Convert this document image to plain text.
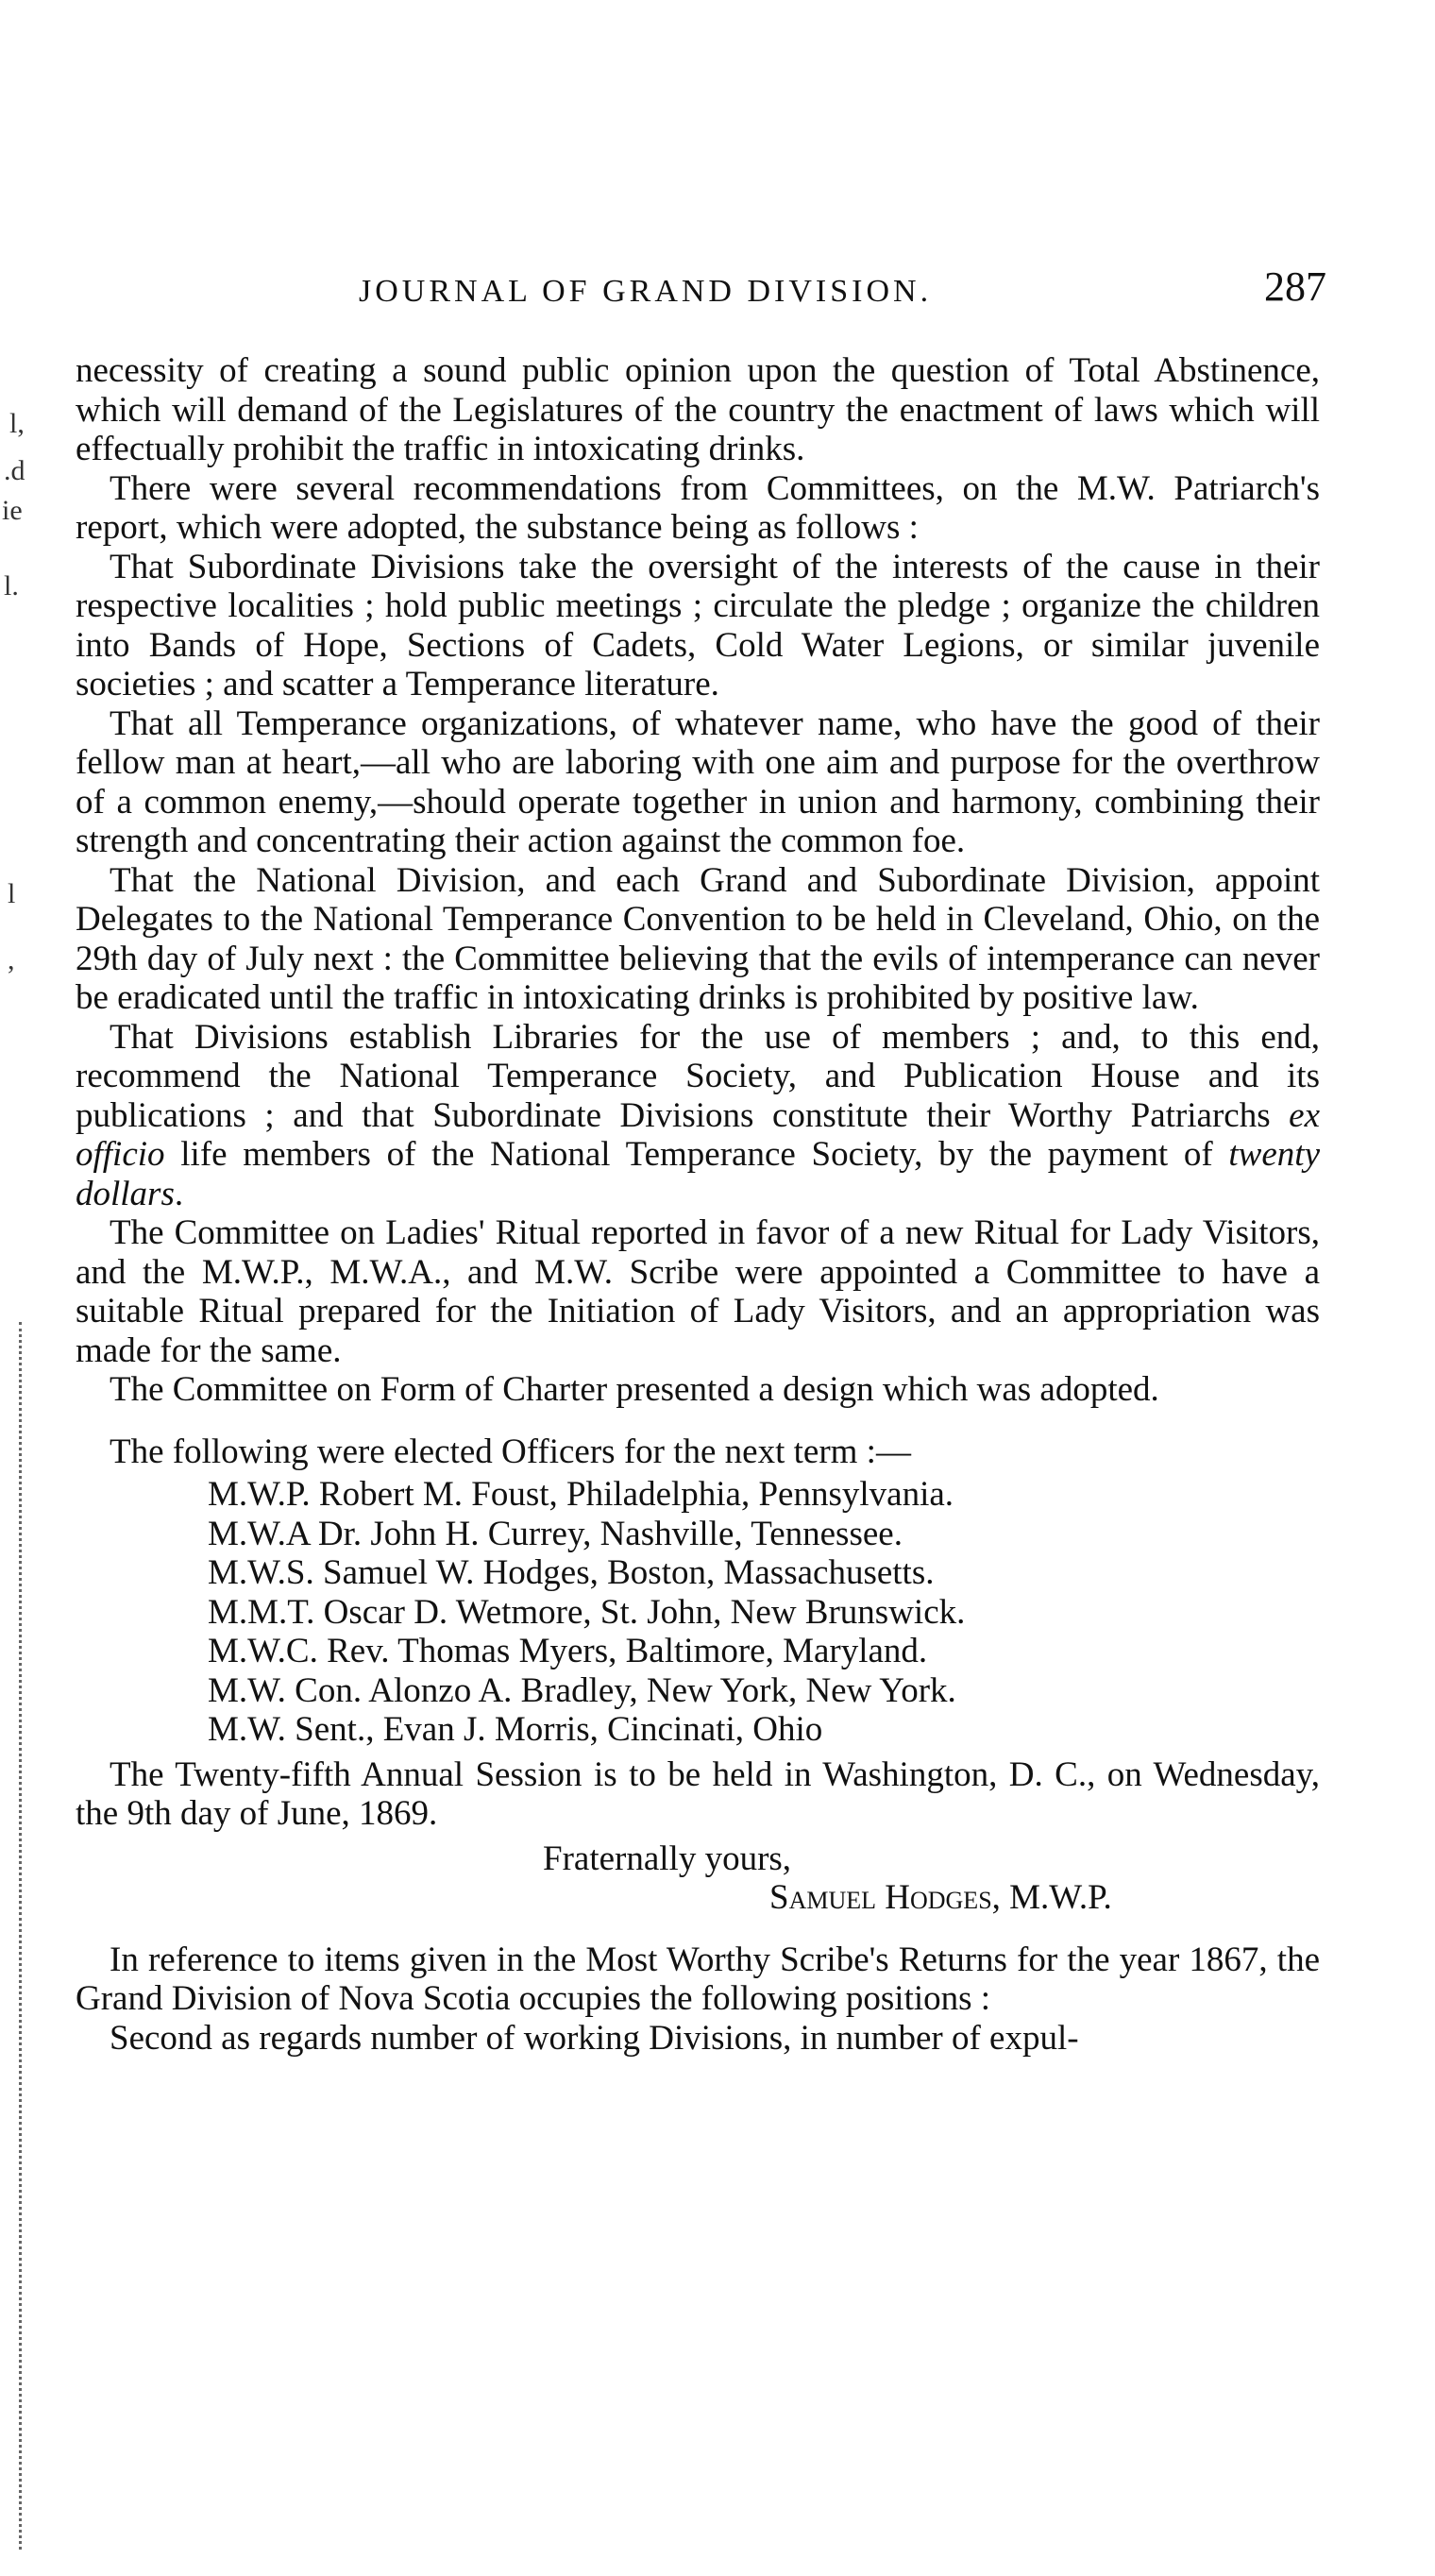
l,
.d
ie
l.
l
,
JOURNAL OF GRAND DIVISION.	287

necessity of creating a sound public opinion upon the question of Total Abstinence, which will demand of the Legislatures of the country the enactment of laws which will effectually prohibit the traffic in intoxicating drinks.

There were several recommendations from Committees, on the M.W. Patriarch's report, which were adopted, the substance being as follows :

That Subordinate Divisions take the oversight of the interests of the cause in their respective localities ; hold public meetings ; circulate the pledge ; organize the children into Bands of Hope, Sections of Cadets, Cold Water Legions, or similar juvenile societies ; and scatter a Temperance literature.

That all Temperance organizations, of whatever name, who have the good of their fellow man at heart,—all who are laboring with one aim and purpose for the overthrow of a common enemy,—should operate together in union and harmony, combining their strength and concentrating their action against the common foe.

That the National Division, and each Grand and Subordinate Division, appoint Delegates to the National Temperance Convention to be held in Cleveland, Ohio, on the 29th day of July next : the Committee believing that the evils of intemperance can never be eradicated until the traffic in intoxicating drinks is prohibited by positive law.

That Divisions establish Libraries for the use of members ; and, to this end, recommend the National Temperance Society, and Publication House and its publications ; and that Subordinate Divisions constitute their Worthy Patriarchs ex officio life members of the National Temperance Society, by the payment of twenty dollars.

The Committee on Ladies' Ritual reported in favor of a new Ritual for Lady Visitors, and the M.W.P., M.W.A., and M.W. Scribe were appointed a Committee to have a suitable Ritual prepared for the Initiation of Lady Visitors, and an appropriation was made for the same.

The Committee on Form of Charter presented a design which was adopted.

The following were elected Officers for the next term :—

M.W.P. Robert M. Foust, Philadelphia, Pennsylvania.
M.W.A Dr. John H. Currey, Nashville, Tennessee.
M.W.S. Samuel W. Hodges, Boston, Massachusetts.
M.M.T. Oscar D. Wetmore, St. John, New Brunswick.
M.W.C. Rev. Thomas Myers, Baltimore, Maryland.
M.W. Con. Alonzo A. Bradley, New York, New York.
M.W. Sent., Evan J. Morris, Cincinati, Ohio

The Twenty-fifth Annual Session is to be held in Washington, D. C., on Wednesday, the 9th day of June, 1869.

Fraternally yours,

Samuel Hodges, M.W.P.

In reference to items given in the Most Worthy Scribe's Returns for the year 1867, the Grand Division of Nova Scotia occupies the following positions :

Second as regards number of working Divisions, in number of expul-
